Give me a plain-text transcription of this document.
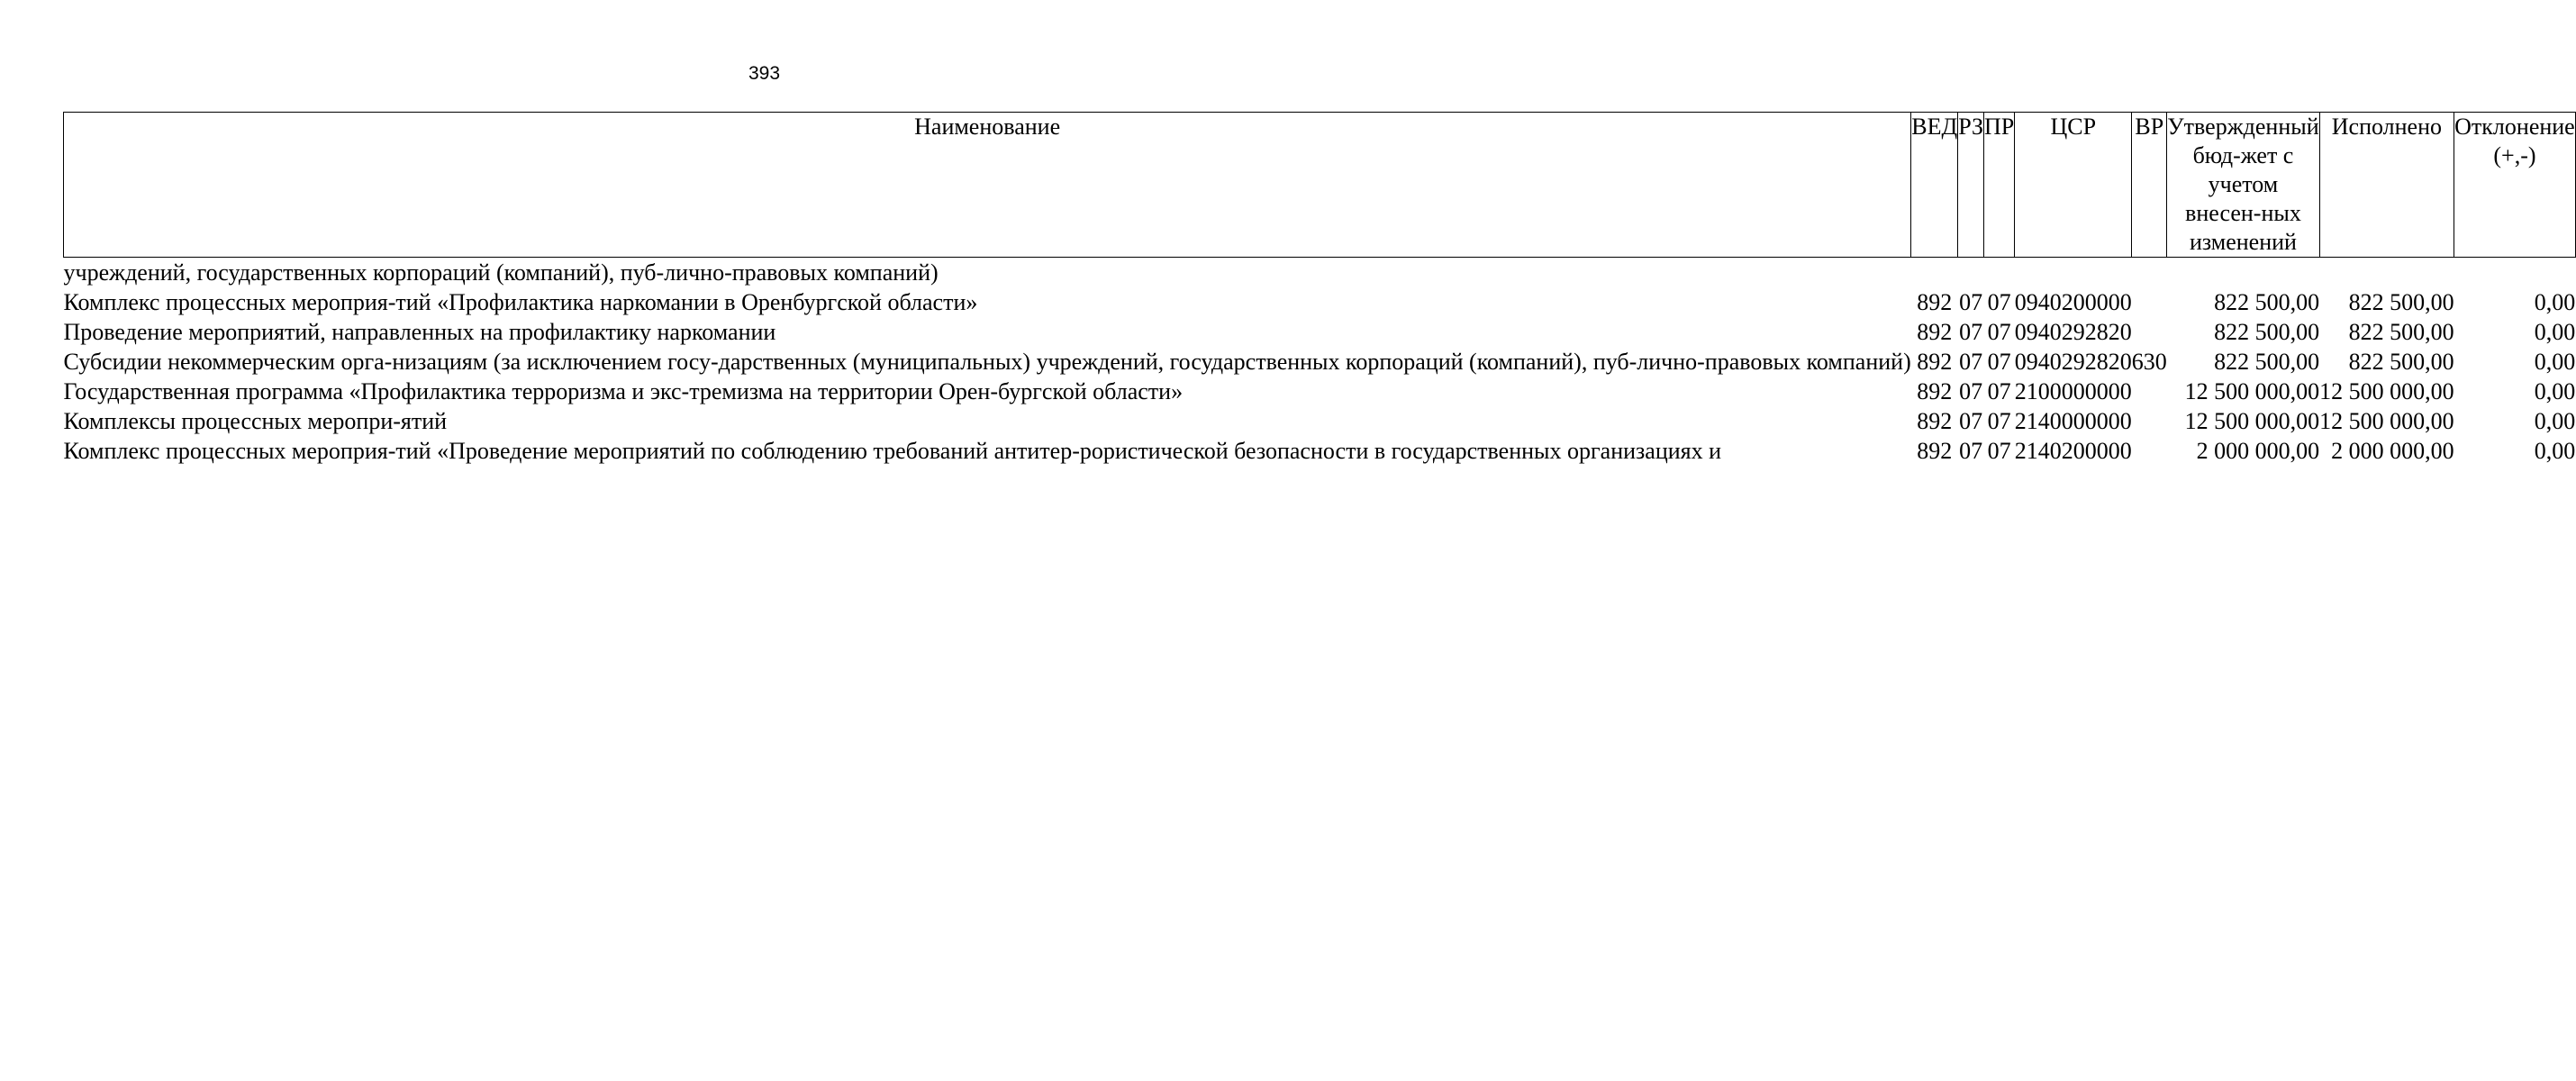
393
Наименование	ВЕД	РЗ	ПР	ЦСР	ВР	Утвержденный бюд-жет с учетом внесен-ных изменений	Исполнено	Отклонение (+,-)
учреждений, государственных корпораций (компаний), пуб-лично-правовых компаний)								
Комплекс процессных мероприя-тий «Профилактика наркомании в Оренбургской области»	892	07	07	0940200000		822 500,00	822 500,00	0,00
Проведение мероприятий, направленных на профилактику наркомании	892	07	07	0940292820		822 500,00	822 500,00	0,00
Субсидии некоммерческим орга-низациям (за исключением госу-дарственных (муниципальных) учреждений, государственных корпораций (компаний), пуб-лично-правовых компаний)	892	07	07	0940292820	630	822 500,00	822 500,00	0,00
Государственная программа «Профилактика терроризма и экс-тремизма на территории Орен-бургской области»	892	07	07	2100000000		12 500 000,00	12 500 000,00	0,00
Комплексы процессных меропри-ятий	892	07	07	2140000000		12 500 000,00	12 500 000,00	0,00
Комплекс процессных мероприя-тий «Проведение мероприятий по соблюдению требований антитер-рористической безопасности в государственных организациях и	892	07	07	2140200000		2 000 000,00	2 000 000,00	0,00
